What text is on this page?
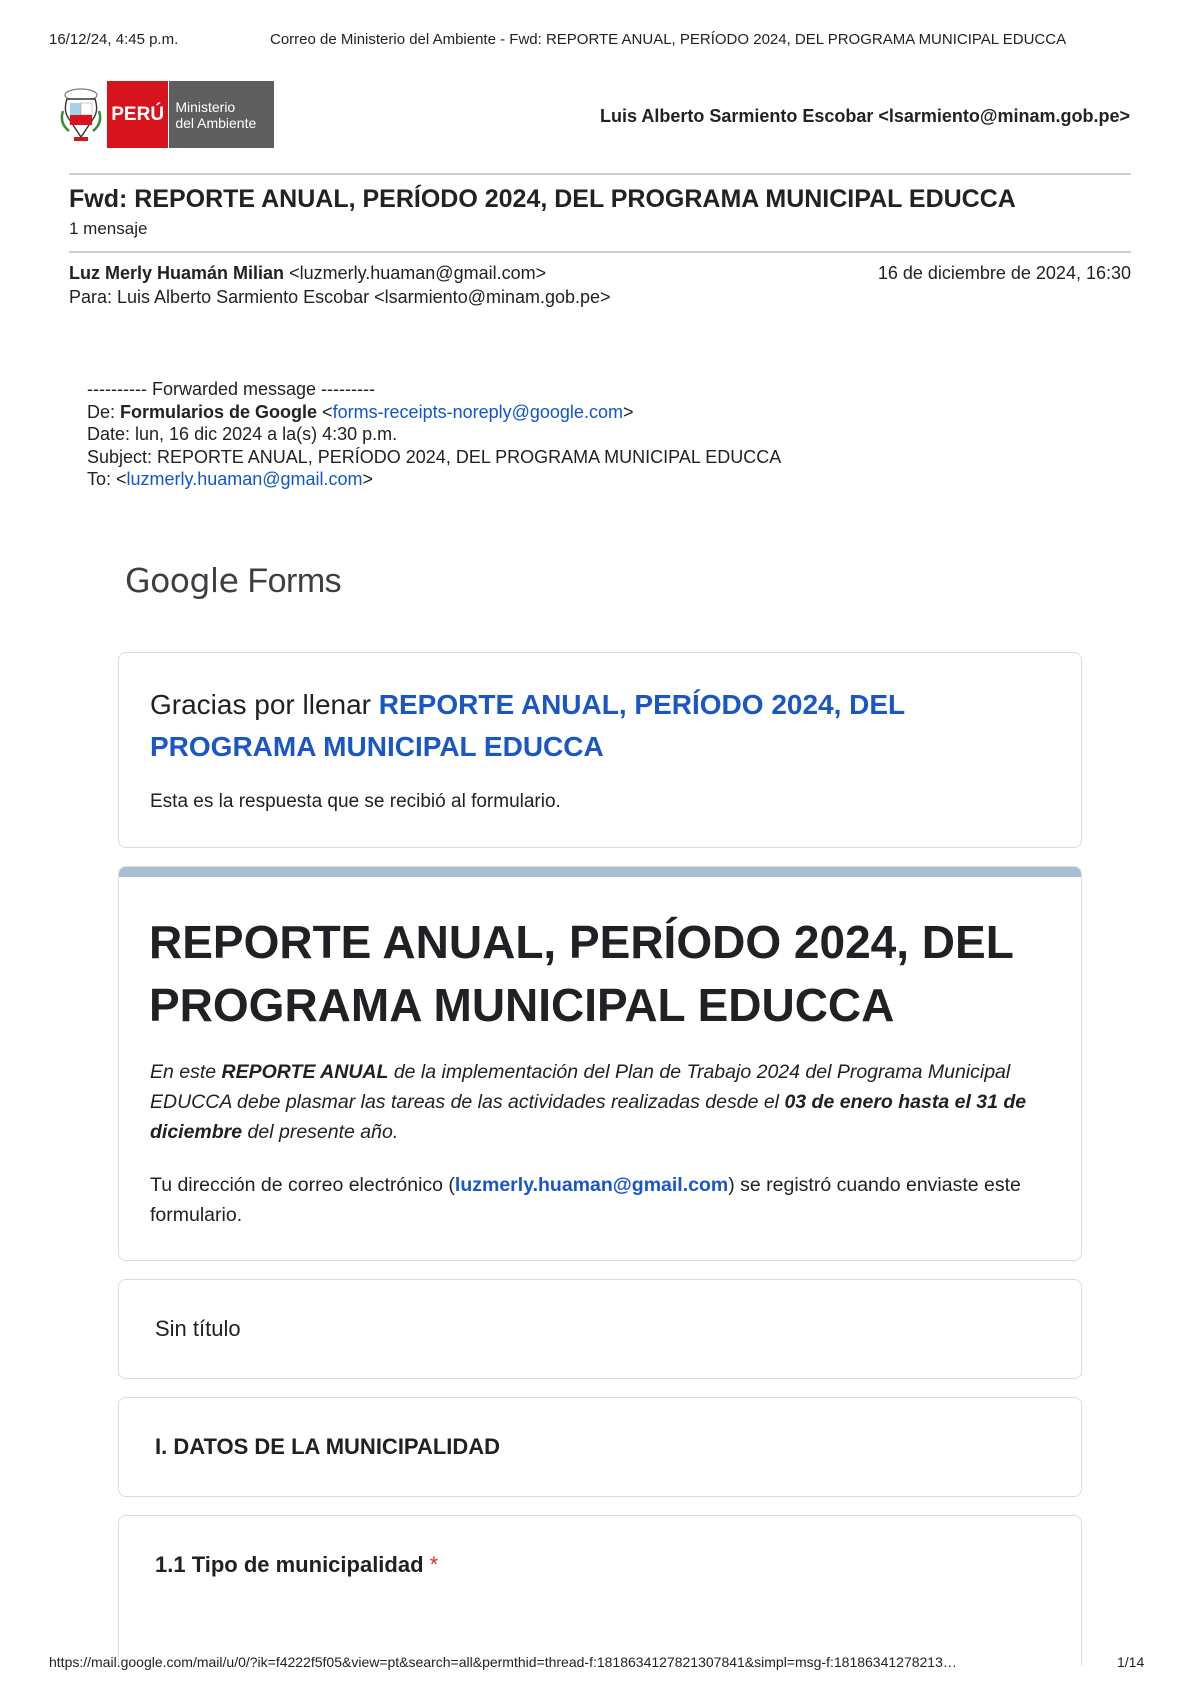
16/12/24, 4:45 p.m.	Correo de Ministerio del Ambiente - Fwd: REPORTE ANUAL, PERÍODO 2024, DEL PROGRAMA MUNICIPAL EDUCCA
PERÚ Ministerio
del Ambiente	Luis Alberto Sarmiento Escobar <lsarmiento@minam.gob.pe>
Fwd: REPORTE ANUAL, PERÍODO 2024, DEL PROGRAMA MUNICIPAL EDUCCA
1 mensaje
Luz Merly Huamán Milian <luzmerly.huaman@gmail.com>	16 de diciembre de 2024, 16:30
Para: Luis Alberto Sarmiento Escobar <lsarmiento@minam.gob.pe>
---------- Forwarded message ---------
De: Formularios de Google <forms-receipts-noreply@google.com>
Date: lun, 16 dic 2024 a la(s) 4:30 p.m.
Subject: REPORTE ANUAL, PERÍODO 2024, DEL PROGRAMA MUNICIPAL EDUCCA
To: <luzmerly.huaman@gmail.com>
Google Forms
Gracias por llenar REPORTE ANUAL, PERÍODO 2024, DEL PROGRAMA MUNICIPAL EDUCCA
Esta es la respuesta que se recibió al formulario.
REPORTE ANUAL, PERÍODO 2024, DEL PROGRAMA MUNICIPAL EDUCCA
En este REPORTE ANUAL de la implementación del Plan de Trabajo 2024 del Programa Municipal EDUCCA debe plasmar las tareas de las actividades realizadas desde el 03 de enero hasta el 31 de diciembre del presente año.
Tu dirección de correo electrónico (luzmerly.huaman@gmail.com) se registró cuando enviaste este formulario.
Sin título
I. DATOS DE LA MUNICIPALIDAD
1.1 Tipo de municipalidad *
https://mail.google.com/mail/u/0/?ik=f4222f5f05&view=pt&search=all&permthid=thread-f:1818634127821307841&simpl=msg-f:18186341278213…	1/14
